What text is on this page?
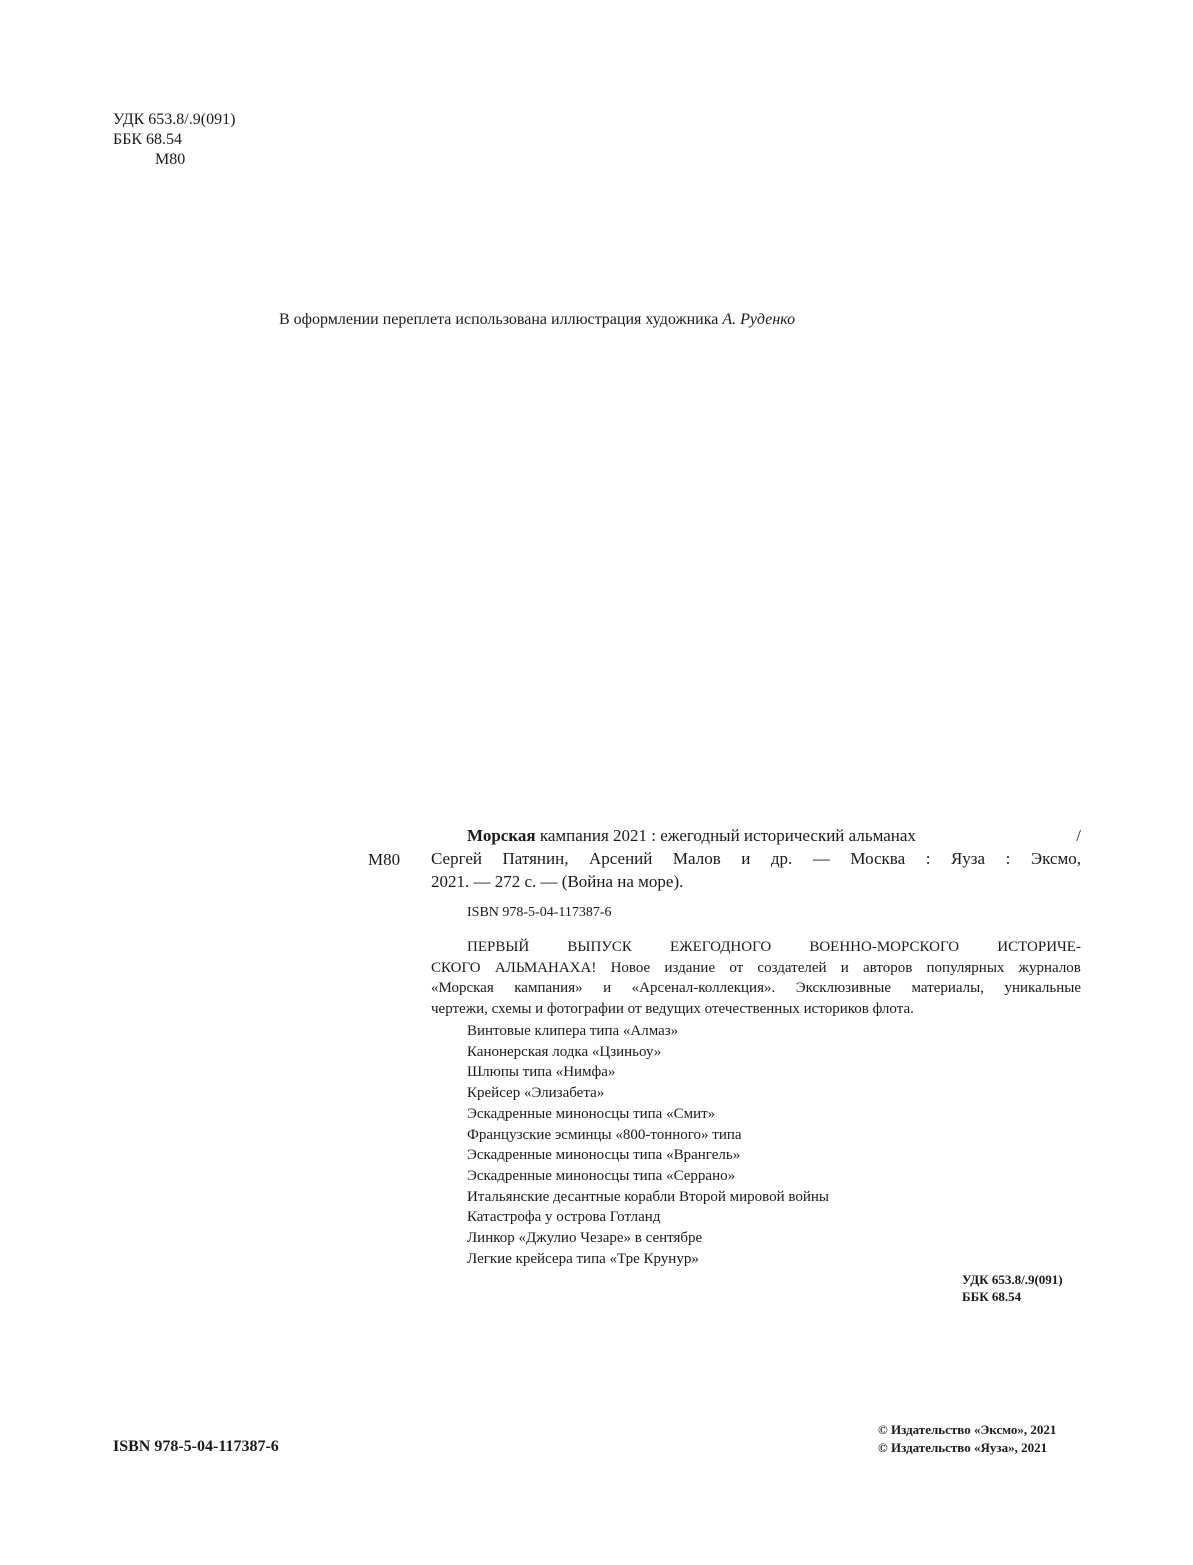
УДК 653.8/.9(091)
ББК 68.54
М80
В оформлении переплета использована иллюстрация художника А. Руденко
М80
Морская кампания 2021 : ежегодный исторический альманах	/
Сергей Патянин, Арсений Малов и др. — Москва : Яуза : Эксмо,
2021. — 272 с. — (Война на море).
ISBN 978-5-04-117387-6
ПЕРВЫЙ	ВЫПУСК	ЕЖЕГОДНОГО	ВОЕННО-МОРСКОГО	ИСТОРИЧЕ-
СКОГО АЛЬМАНАХА! Новое издание от создателей и авторов популярных журналов
«Морская кампания» и «Арсенал-коллекция». Эксклюзивные материалы, уникальные
чертежи, схемы и фотографии от ведущих отечественных историков флота.
Винтовые клипера типа «Алмаз»
Канонерская лодка «Цзиньоу»
Шлюпы типа «Нимфа»
Крейсер «Элизабета»
Эскадренные миноносцы типа «Смит»
Французские эсминцы «800-тонного» типа
Эскадренные миноносцы типа «Врангель»
Эскадренные миноносцы типа «Серрано»
Итальянские десантные корабли Второй мировой войны
Катастрофа у острова Готланд
Линкор «Джулио Чезаре» в сентябре
Легкие крейсера типа «Тре Крунур»
УДК 653.8/.9(091)
ББК 68.54
ISBN 978-5-04-117387-6
© Издательство «Эксмо», 2021
© Издательство «Яуза», 2021
